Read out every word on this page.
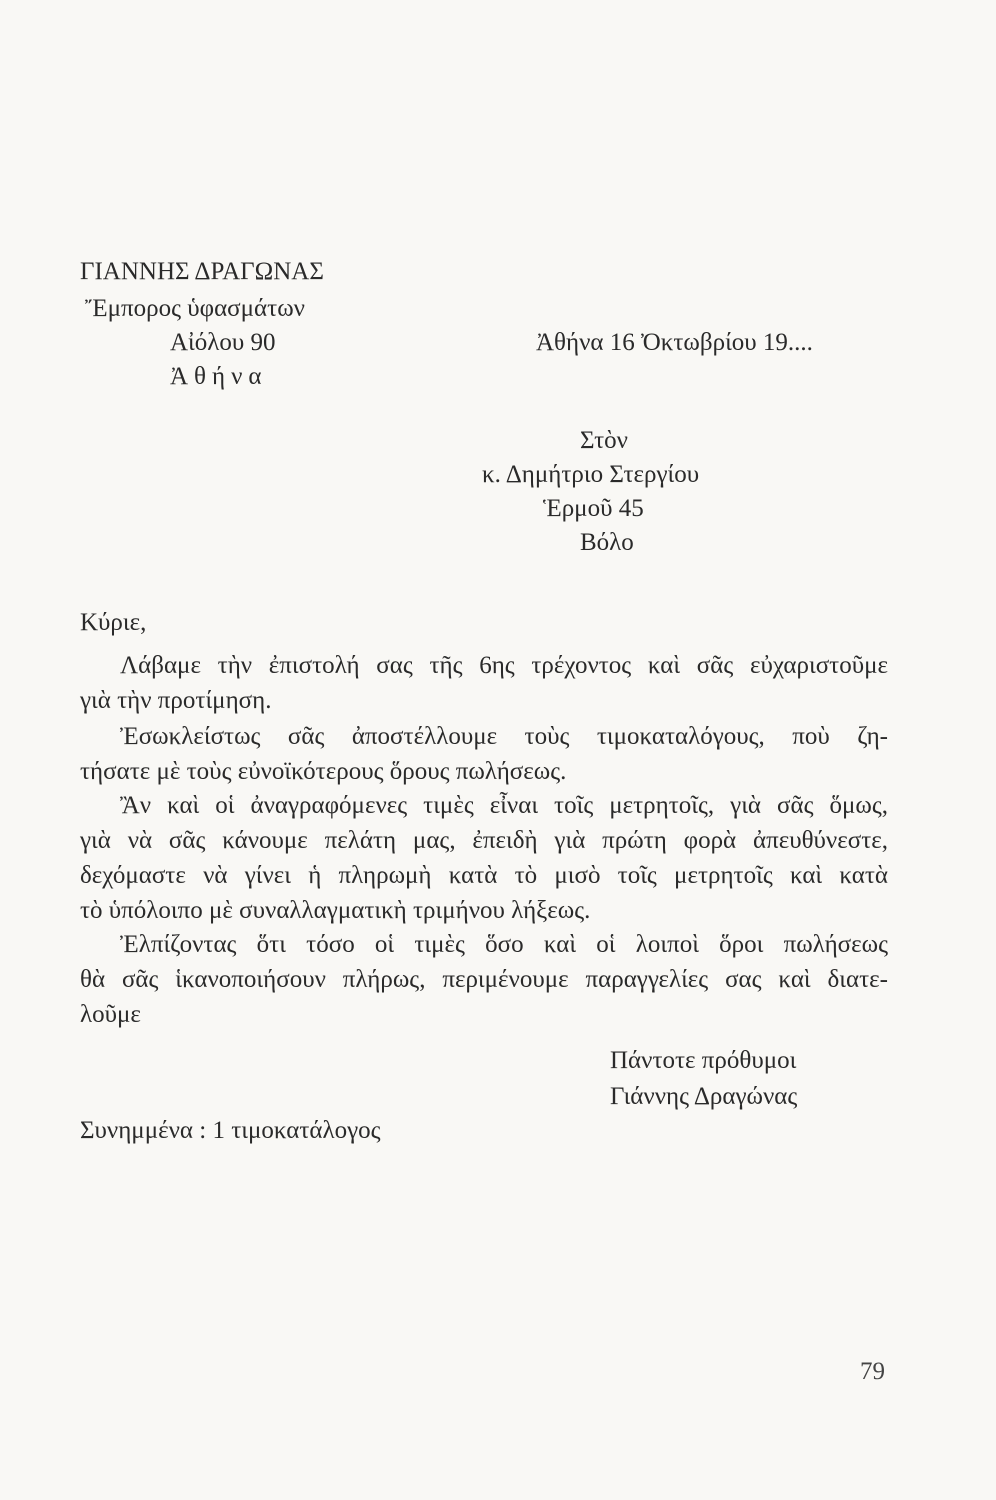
ΓΙΑΝΝΗΣ ΔΡΑΓΩΝΑΣ
Ἔμπορος ὑφασμάτων
Αἰόλου 90
Ἀθήνα
Ἀθήνα 16 Ὀκτωβρίου 19....
Στὸν
κ. Δημήτριο Στεργίου
Ἑρμοῦ 45
Βόλο
Κύριε,
Λάβαμε τὴν ἐπιστολή σας τῆς 6ης τρέχοντος καὶ σᾶς εὐχαριστοῦμε
γιὰ τὴν προτίμηση.
Ἐσωκλείστως σᾶς ἀποστέλλουμε τοὺς τιμοκαταλόγους, ποὺ ζη-
τήσατε μὲ τοὺς εὐνοϊκότερους ὅρους πωλήσεως.
Ἂν καὶ οἱ ἀναγραφόμενες τιμὲς εἶναι τοῖς μετρητοῖς, γιὰ σᾶς ὅμως,
γιὰ νὰ σᾶς κάνουμε πελάτη μας, ἐπειδὴ γιὰ πρώτη φορὰ ἀπευθύνεστε,
δεχόμαστε νὰ γίνει ἡ πληρωμὴ κατὰ τὸ μισὸ τοῖς μετρητοῖς καὶ κατὰ
τὸ ὑπόλοιπο μὲ συναλλαγματικὴ τριμήνου λήξεως.
Ἐλπίζοντας ὅτι τόσο οἱ τιμὲς ὅσο καὶ οἱ λοιποὶ ὅροι πωλήσεως
θὰ σᾶς ἱκανοποιήσουν πλήρως, περιμένουμε παραγγελίες σας καὶ διατε-
λοῦμε
Πάντοτε πρόθυμοι
Γιάννης Δραγώνας
Συνημμένα : 1 τιμοκατάλογος
79
